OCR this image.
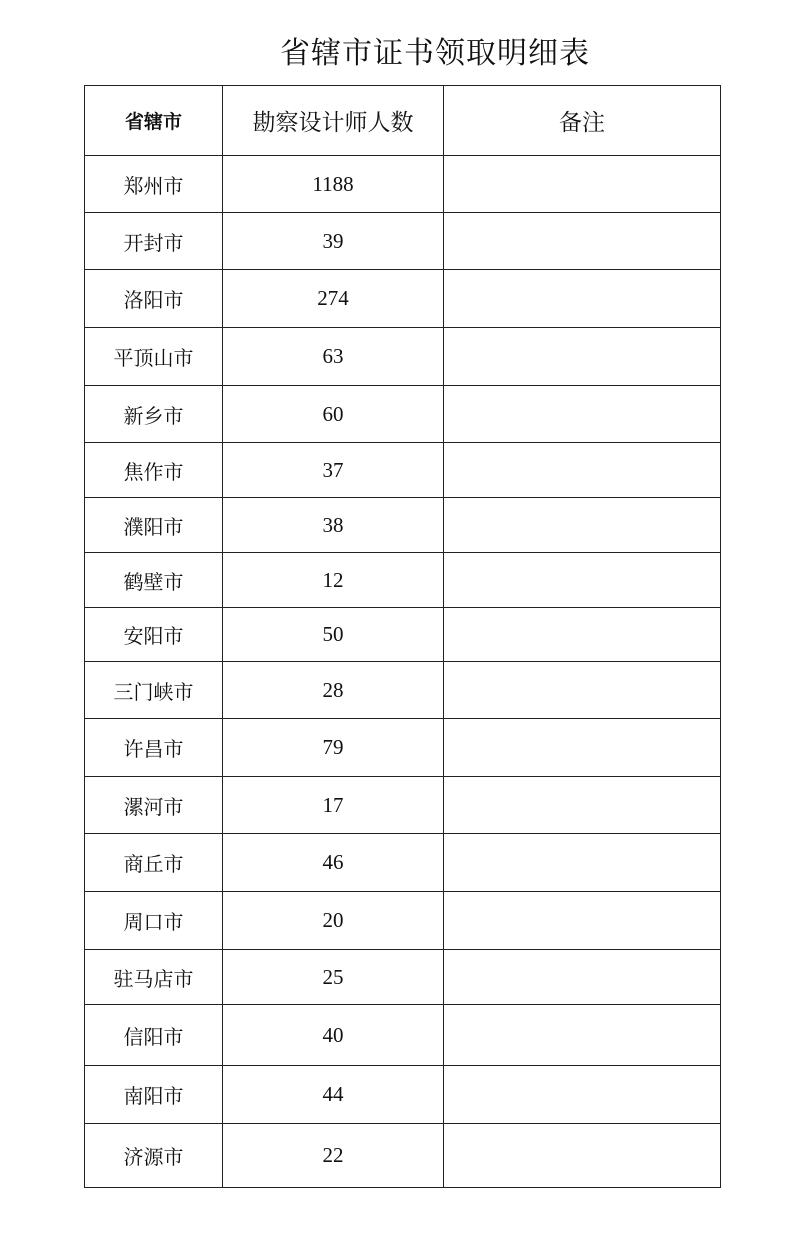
省辖市证书领取明细表
省辖市	勘察设计师人数	备注
郑州市	1188	
开封市	39	
洛阳市	274	
平顶山市	63	
新乡市	60	
焦作市	37	
濮阳市	38	
鹤壁市	12	
安阳市	50	
三门峡市	28	
许昌市	79	
漯河市	17	
商丘市	46	
周口市	20	
驻马店市	25	
信阳市	40	
南阳市	44	
济源市	22	
